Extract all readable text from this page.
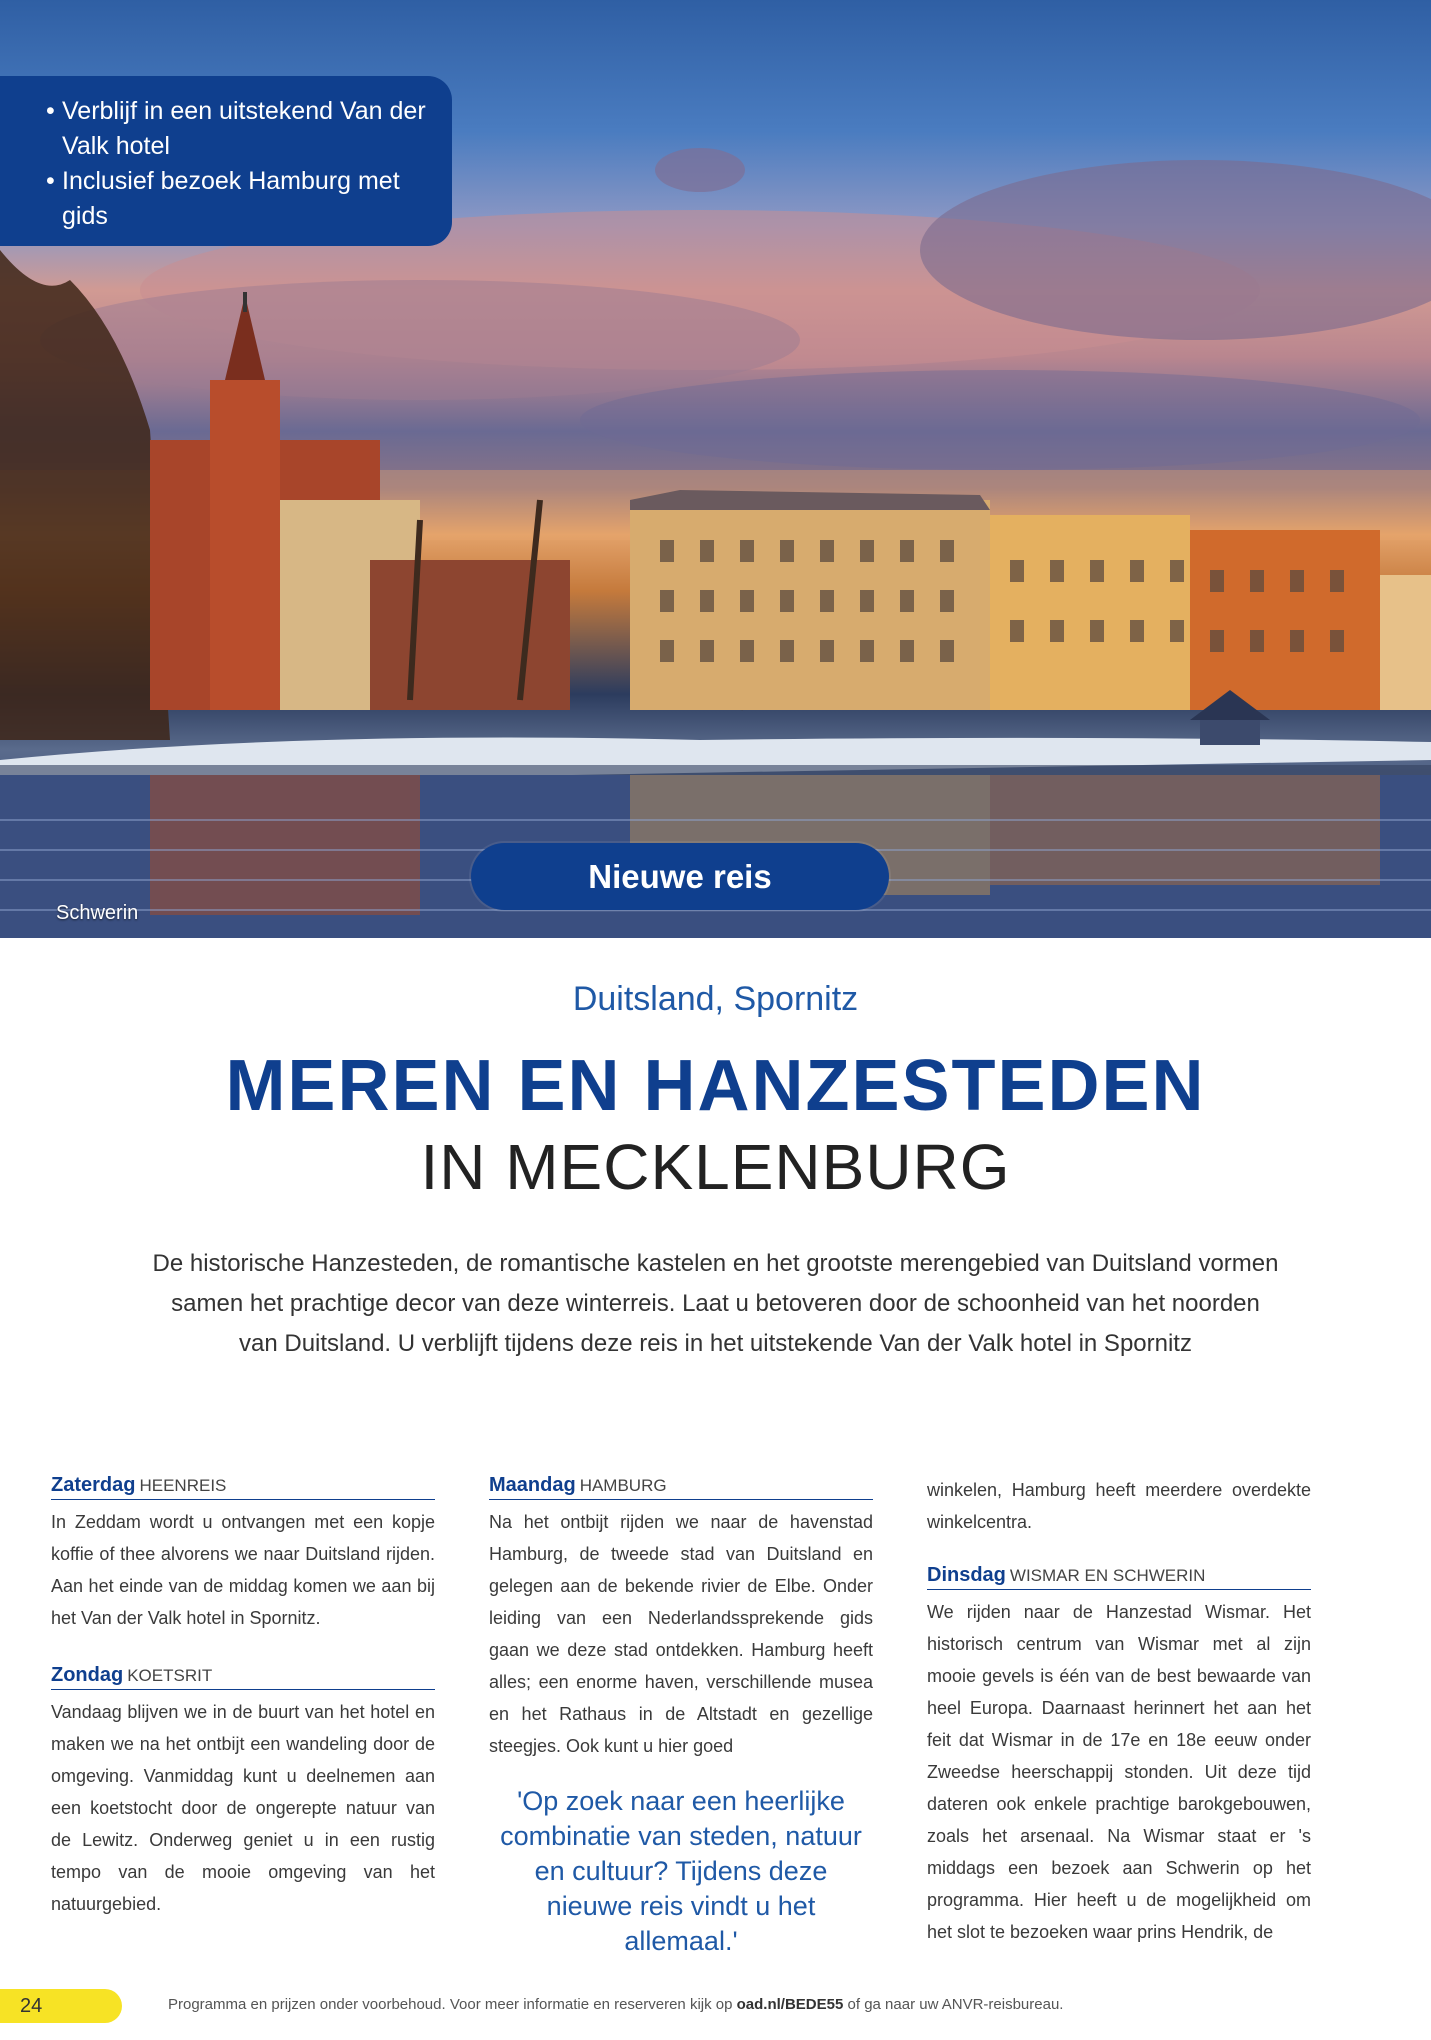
• Verblijf in een uitstekend Van der Valk hotel
• Inclusief bezoek Hamburg met gids
Nieuwe reis
Schwerin
Duitsland, Spornitz
MEREN EN HANZESTEDEN
IN MECKLENBURG

De historische Hanzesteden, de romantische kastelen en het grootste merengebied van Duitsland vormen samen het prachtige decor van deze winterreis. Laat u betoveren door de schoonheid van het noorden van Duitsland. U verblijft tijdens deze reis in het uitstekende Van der Valk hotel in Spornitz

Zaterdag HEENREIS

In Zeddam wordt u ontvangen met een kopje koffie of thee alvorens we naar Duitsland rijden. Aan het einde van de middag komen we aan bij het Van der Valk hotel in Spornitz.

Zondag KOETSRIT

Vandaag blijven we in de buurt van het hotel en maken we na het ontbijt een wandeling door de omgeving. Vanmiddag kunt u deelnemen aan een koetstocht door de ongerepte natuur van de Lewitz. Onderweg geniet u in een rustig tempo van de mooie omgeving van het natuurgebied.

Maandag HAMBURG

Na het ontbijt rijden we naar de havenstad Hamburg, de tweede stad van Duitsland en gelegen aan de bekende rivier de Elbe. Onder leiding van een Nederlandssprekende gids gaan we deze stad ontdekken. Hamburg heeft alles; een enorme haven, verschillende musea en het Rathaus in de Altstadt en gezellige steegjes. Ook kunt u hier goed

'Op zoek naar een heerlijke combinatie van steden, natuur en cultuur? Tijdens deze nieuwe reis vindt u het allemaal.'

winkelen, Hamburg heeft meerdere overdekte winkelcentra.

Dinsdag WISMAR EN SCHWERIN

We rijden naar de Hanzestad Wismar. Het historisch centrum van Wismar met al zijn mooie gevels is één van de best bewaarde van heel Europa. Daarnaast herinnert het aan het feit dat Wismar in de 17e en 18e eeuw onder Zweedse heerschappij stonden. Uit deze tijd dateren ook enkele prachtige barokgebouwen, zoals het arsenaal. Na Wismar staat er 's middags een bezoek aan Schwerin op het programma. Hier heeft u de mogelijkheid om het slot te bezoeken waar prins Hendrik, de

24	Programma en prijzen onder voorbehoud. Voor meer informatie en reserveren kijk op oad.nl/BEDE55 of ga naar uw ANVR-reisbureau.
